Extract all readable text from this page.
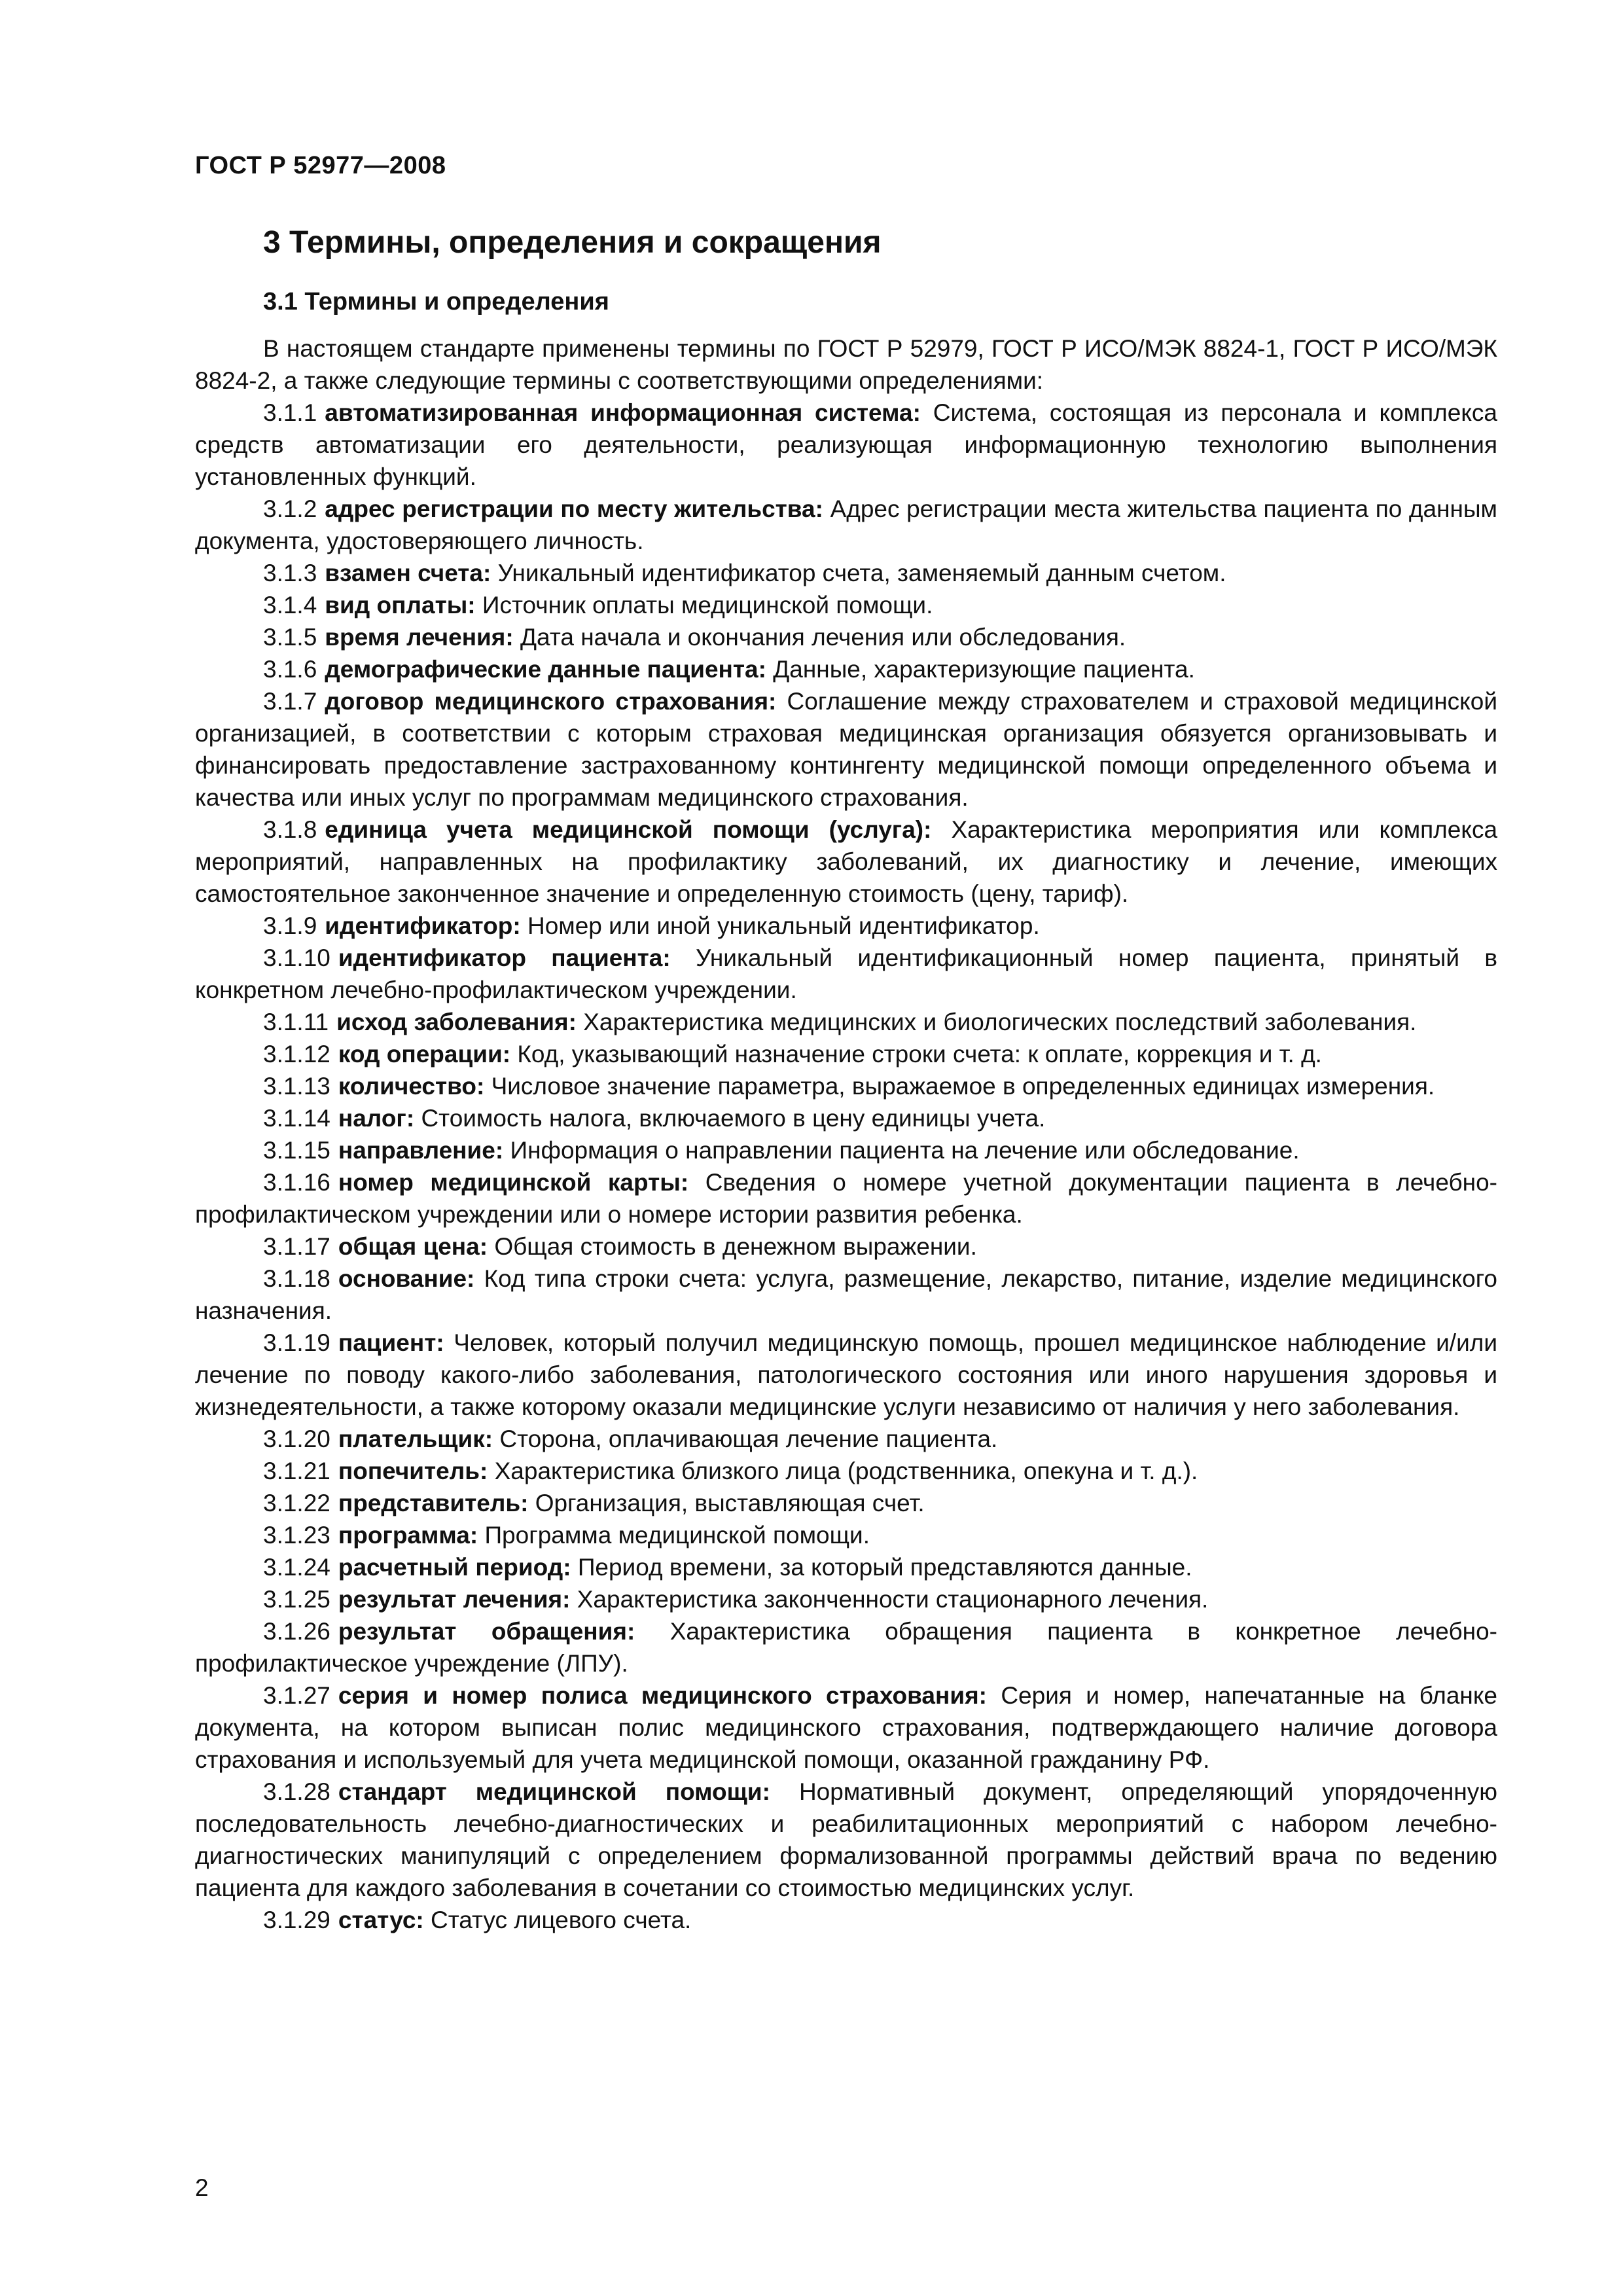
ГОСТ Р 52977—2008
3 Термины, определения и сокращения
3.1 Термины и определения

В настоящем стандарте применены термины по ГОСТ Р 52979, ГОСТ Р ИСО/МЭК 8824-1, ГОСТ Р ИСО/МЭК 8824-2, а также следующие термины с соответствующими определениями:

3.1.1 автоматизированная информационная система: Система, состоящая из персонала и комплекса средств автоматизации его деятельности, реализующая информационную технологию выполнения установленных функций.

3.1.2 адрес регистрации по месту жительства: Адрес регистрации места жительства пациента по данным документа, удостоверяющего личность.

3.1.3 взамен счета: Уникальный идентификатор счета, заменяемый данным счетом.

3.1.4 вид оплаты: Источник оплаты медицинской помощи.

3.1.5 время лечения: Дата начала и окончания лечения или обследования.

3.1.6 демографические данные пациента: Данные, характеризующие пациента.

3.1.7 договор медицинского страхования: Соглашение между страхователем и страховой медицинской организацией, в соответствии с которым страховая медицинская организация обязуется организовывать и финансировать предоставление застрахованному контингенту медицинской помощи определенного объема и качества или иных услуг по программам медицинского страхования.

3.1.8 единица учета медицинской помощи (услуга): Характеристика мероприятия или комплекса мероприятий, направленных на профилактику заболеваний, их диагностику и лечение, имеющих самостоятельное законченное значение и определенную стоимость (цену, тариф).

3.1.9 идентификатор: Номер или иной уникальный идентификатор.

3.1.10 идентификатор пациента: Уникальный идентификационный номер пациента, принятый в конкретном лечебно-профилактическом учреждении.

3.1.11 исход заболевания: Характеристика медицинских и биологических последствий заболевания.

3.1.12 код операции: Код, указывающий назначение строки счета: к оплате, коррекция и т. д.

3.1.13 количество: Числовое значение параметра, выражаемое в определенных единицах измерения.

3.1.14 налог: Стоимость налога, включаемого в цену единицы учета.

3.1.15 направление: Информация о направлении пациента на лечение или обследование.

3.1.16 номер медицинской карты: Сведения о номере учетной документации пациента в лечебно-профилактическом учреждении или о номере истории развития ребенка.

3.1.17 общая цена: Общая стоимость в денежном выражении.

3.1.18 основание: Код типа строки счета: услуга, размещение, лекарство, питание, изделие медицинского назначения.

3.1.19 пациент: Человек, который получил медицинскую помощь, прошел медицинское наблюдение и/или лечение по поводу какого-либо заболевания, патологического состояния или иного нарушения здоровья и жизнедеятельности, а также которому оказали медицинские услуги независимо от наличия у него заболевания.

3.1.20 плательщик: Сторона, оплачивающая лечение пациента.

3.1.21 попечитель: Характеристика близкого лица (родственника, опекуна и т. д.).

3.1.22 представитель: Организация, выставляющая счет.

3.1.23 программа: Программа медицинской помощи.

3.1.24 расчетный период: Период времени, за который представляются данные.

3.1.25 результат лечения: Характеристика законченности стационарного лечения.

3.1.26 результат обращения: Характеристика обращения пациента в конкретное лечебно-профилактическое учреждение (ЛПУ).

3.1.27 серия и номер полиса медицинского страхования: Серия и номер, напечатанные на бланке документа, на котором выписан полис медицинского страхования, подтверждающего наличие договора страхования и используемый для учета медицинской помощи, оказанной гражданину РФ.

3.1.28 стандарт медицинской помощи: Нормативный документ, определяющий упорядоченную последовательность лечебно-диагностических и реабилитационных мероприятий с набором лечебно-диагностических манипуляций с определением формализованной программы действий врача по ведению пациента для каждого заболевания в сочетании со стоимостью медицинских услуг.

3.1.29 статус: Статус лицевого счета.

2
